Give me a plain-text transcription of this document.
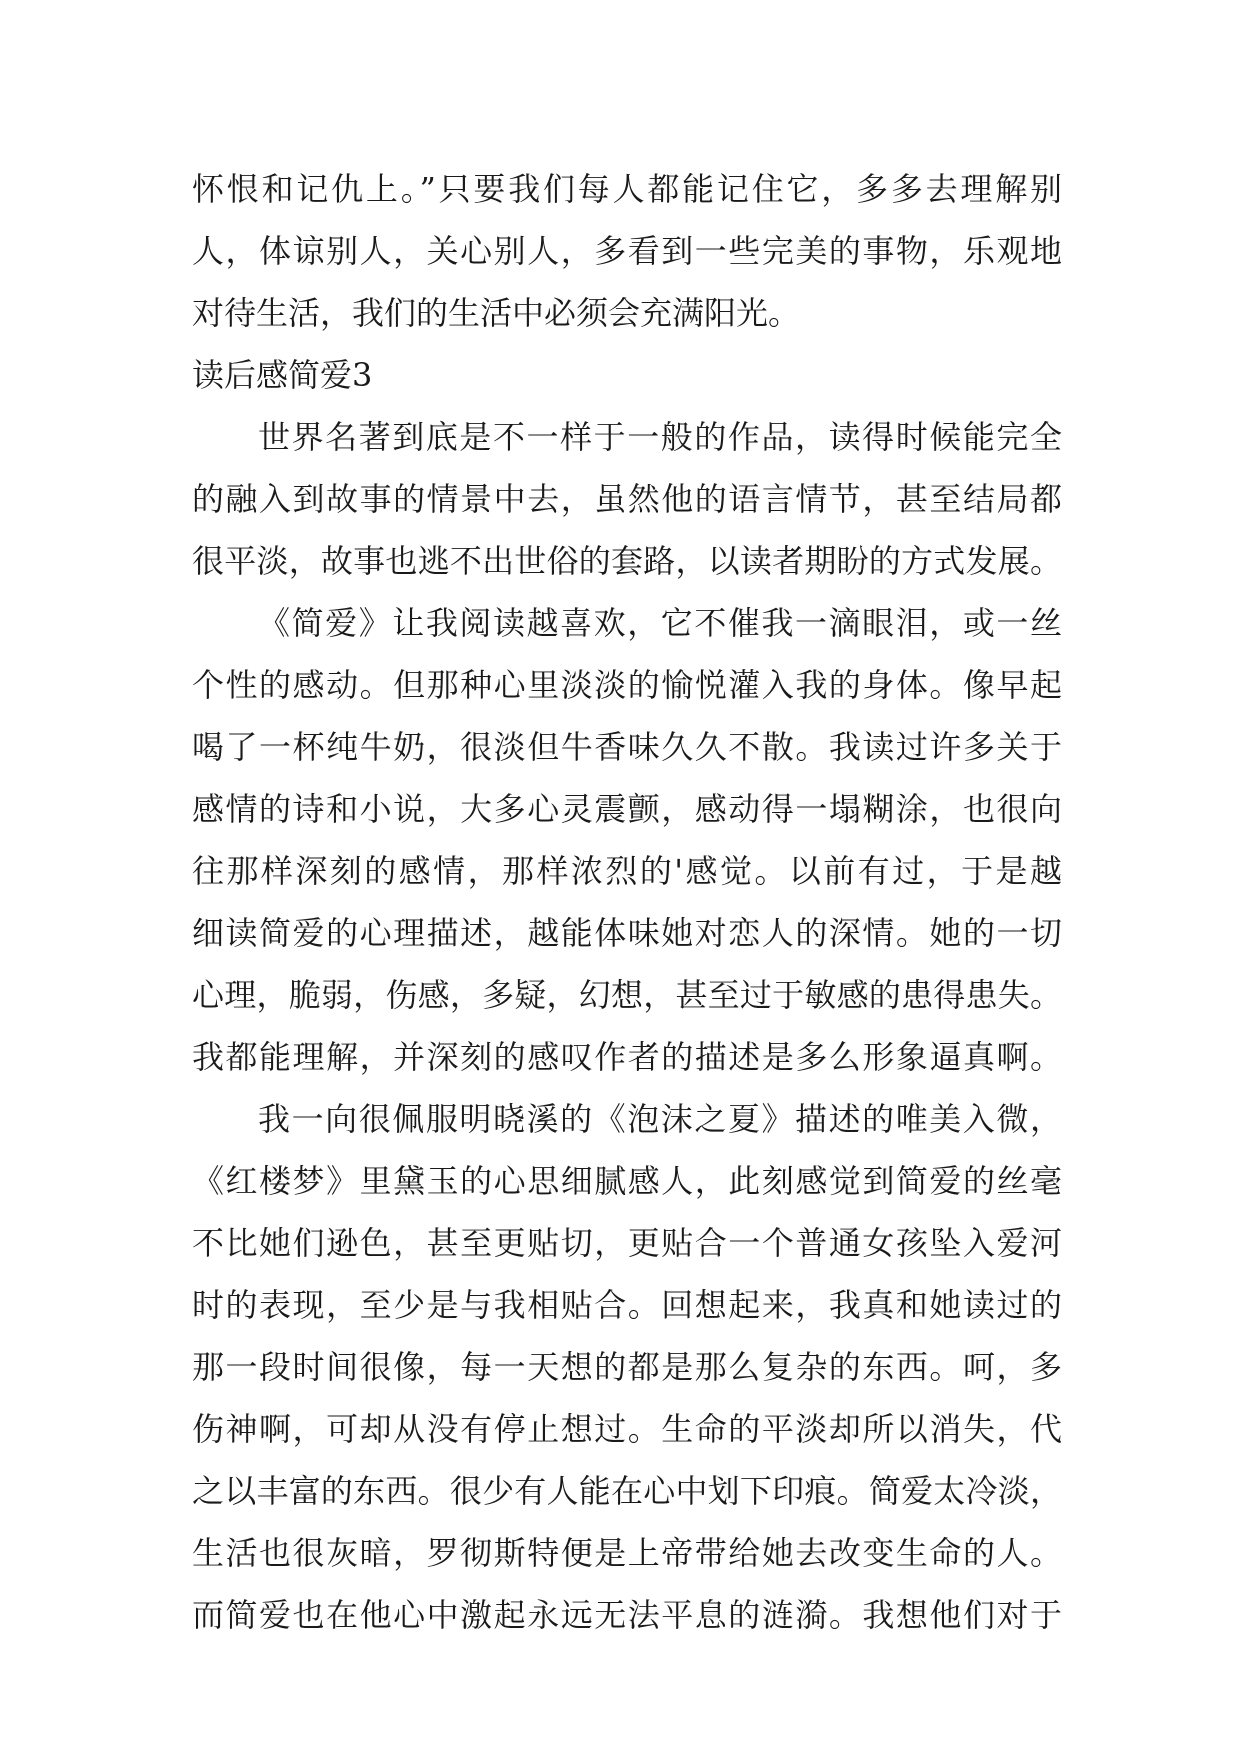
怀恨和记仇上。”只要我们每人都能记住它，多多去理解别
人，体谅别人，关心别人，多看到一些完美的事物，乐观地
对待生活，我们的生活中必须会充满阳光。
读后感简爱3
世界名著到底是不一样于一般的作品，读得时候能完全
的融入到故事的情景中去，虽然他的语言情节，甚至结局都
很平淡，故事也逃不出世俗的套路，以读者期盼的方式发展。
《简爱》让我阅读越喜欢，它不催我一滴眼泪，或一丝
个性的感动。但那种心里淡淡的愉悦灌入我的身体。像早起
喝了一杯纯牛奶，很淡但牛香味久久不散。我读过许多关于
感情的诗和小说，大多心灵震颤，感动得一塌糊涂，也很向
往那样深刻的感情，那样浓烈的'感觉。以前有过，于是越
细读简爱的心理描述，越能体味她对恋人的深情。她的一切
心理，脆弱，伤感，多疑，幻想，甚至过于敏感的患得患失。
我都能理解，并深刻的感叹作者的描述是多么形象逼真啊。
我一向很佩服明晓溪的《泡沫之夏》描述的唯美入微，
《红楼梦》里黛玉的心思细腻感人，此刻感觉到简爱的丝毫
不比她们逊色，甚至更贴切，更贴合一个普通女孩坠入爱河
时的表现，至少是与我相贴合。回想起来，我真和她读过的
那一段时间很像，每一天想的都是那么复杂的东西。呵，多
伤神啊，可却从没有停止想过。生命的平淡却所以消失，代
之以丰富的东西。很少有人能在心中划下印痕。简爱太冷淡，
生活也很灰暗，罗彻斯特便是上帝带给她去改变生命的人。
而简爱也在他心中激起永远无法平息的涟漪。我想他们对于
